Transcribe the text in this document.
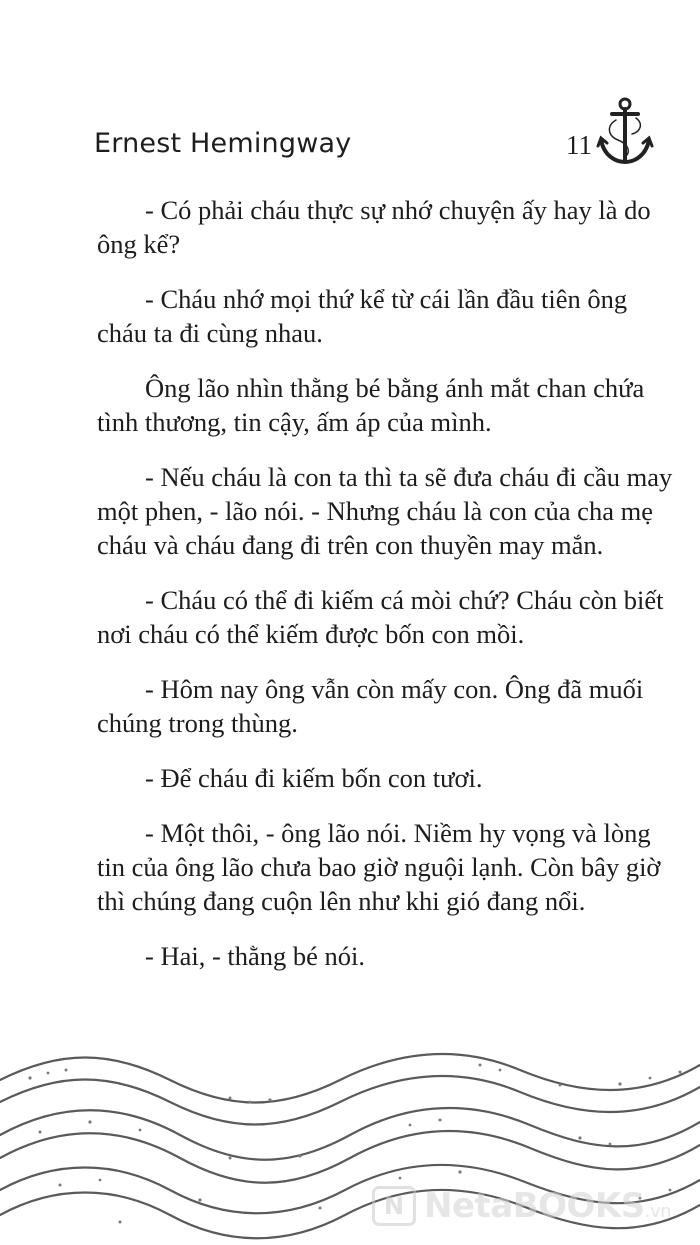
Ernest Hemingway	11

- Có phải cháu thực sự nhớ chuyện ấy hay là do ông kể?

- Cháu nhớ mọi thứ kể từ cái lần đầu tiên ông cháu ta đi cùng nhau.

Ông lão nhìn thằng bé bằng ánh mắt chan chứa tình thương, tin cậy, ấm áp của mình.

- Nếu cháu là con ta thì ta sẽ đưa cháu đi cầu may một phen, - lão nói. - Nhưng cháu là con của cha mẹ cháu và cháu đang đi trên con thuyền may mắn.

- Cháu có thể đi kiếm cá mòi chứ? Cháu còn biết nơi cháu có thể kiếm được bốn con mồi.

- Hôm nay ông vẫn còn mấy con. Ông đã muối chúng trong thùng.

- Để cháu đi kiếm bốn con tươi.

- Một thôi, - ông lão nói. Niềm hy vọng và lòng tin của ông lão chưa bao giờ nguội lạnh. Còn bây giờ thì chúng đang cuộn lên như khi gió đang nổi.

- Hai, - thằng bé nói.

N NetaBOOKS.vn
